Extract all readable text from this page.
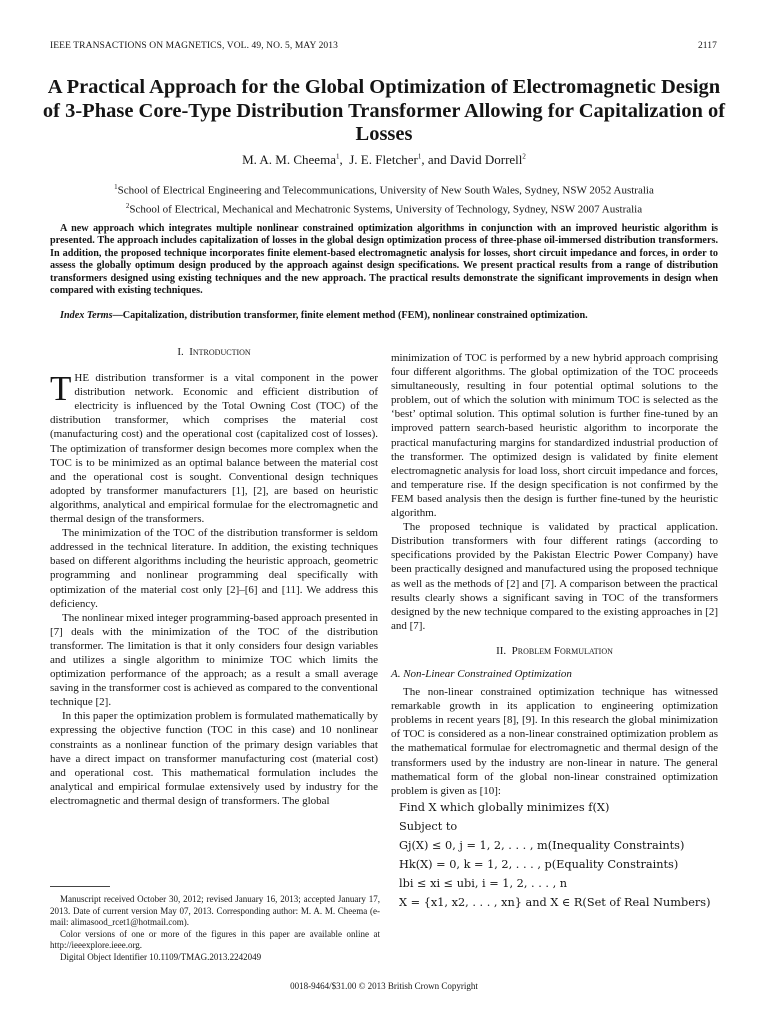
IEEE TRANSACTIONS ON MAGNETICS, VOL. 49, NO. 5, MAY 2013	2117
A Practical Approach for the Global Optimization of Electromagnetic Design of 3-Phase Core-Type Distribution Transformer Allowing for Capitalization of Losses
M. A. M. Cheema$^1$,  J. E. Fletcher$^1$, and David Dorrell$^2$
$^1$School of Electrical Engineering and Telecommunications, University of New South Wales, Sydney, NSW 2052 Australia
$^2$School of Electrical, Mechanical and Mechatronic Systems, University of Technology, Sydney, NSW 2007 Australia
A new approach which integrates multiple nonlinear constrained optimization algorithms in conjunction with an improved heuristic algorithm is presented. The approach includes capitalization of losses in the global design optimization process of three-phase oil-immersed distribution transformers. In addition, the proposed technique incorporates finite element-based electromagnetic analysis for losses, short circuit impedance and forces, in order to assess the globally optimum design produced by the approach against design specifications. We present practical results from a range of distribution transformers designed using existing techniques and the new approach. The practical results demonstrate the significant improvements in design when compared with existing techniques.
Index Terms—Capitalization, distribution transformer, finite element method (FEM), nonlinear constrained optimization.
I. Introduction

THE distribution transformer is a vital component in the power distribution network. Economic and efficient distribution of electricity is influenced by the Total Owning Cost (TOC) of the distribution transformer, which comprises the material cost (manufacturing cost) and the operational cost (capitalized cost of losses). The optimization of transformer design becomes more complex when the TOC is to be minimized as an optimal balance between the material cost and the operational cost is sought. Conventional design techniques adopted by transformer manufacturers [1], [2], are based on heuristic algorithms, analytical and empirical formulae for the electromagnetic and thermal design of the transformers.

The minimization of the TOC of the distribution transformer is seldom addressed in the technical literature. In addition, the existing techniques based on different algorithms including the heuristic approach, geometric programming and nonlinear programming deal specifically with optimization of the material cost only [2]–[6] and [11]. We address this deficiency.

The nonlinear mixed integer programming-based approach presented in [7] deals with the minimization of the TOC of the distribution transformer. The limitation is that it only considers four design variables and utilizes a single algorithm to minimize TOC which limits the optimization performance of the approach; as a result a small average saving in the transformer cost is achieved as compared to the conventional technique [2].

In this paper the optimization problem is formulated mathematically by expressing the objective function (TOC in this case) and 10 nonlinear constraints as a nonlinear function of the primary design variables that have a direct impact on transformer manufacturing cost (material cost) and operational cost. This mathematical formulation includes the analytical and empirical formulae extensively used by industry for the electromagnetic and thermal design of transformers. The global

minimization of TOC is performed by a new hybrid approach comprising four different algorithms. The global optimization of the TOC proceeds simultaneously, resulting in four potential optimal solutions to the problem, out of which the solution with minimum TOC is selected as the ‘best’ optimal solution. This optimal solution is further fine-tuned by an improved pattern search-based heuristic algorithm to incorporate the practical manufacturing margins for standardized industrial production of the transformer. The optimized design is validated by finite element electromagnetic analysis for load loss, short circuit impedance and forces, and temperature rise. If the design specification is not confirmed by the FEM based analysis then the design is further fine-tuned by the heuristic algorithm.

The proposed technique is validated by practical application. Distribution transformers with four different ratings (according to specifications provided by the Pakistan Electric Power Company) have been practically designed and manufactured using the proposed technique as well as the methods of [2] and [7]. A comparison between the practical results clearly shows a significant saving in TOC of the transformers designed by the new technique compared to the existing approaches in [2] and [7].

II. Problem Formulation
A. Non-Linear Constrained Optimization

The non-linear constrained optimization technique has witnessed remarkable growth in its application to engineering optimization problems in recent years [8], [9]. In this research the global minimization of TOC is considered as a non-linear constrained optimization problem as the mathematical formulae for electromagnetic and thermal design of the transformers used by the industry are non-linear in nature. The general mathematical form of the global non-linear constrained optimization problem is given as [10]:

Find X which globally minimizes f(X)
Subject to
Gj(X) ≤ 0, j = 1, 2, . . . , m(Inequality Constraints)
Hk(X) = 0, k = 1, 2, . . . , p(Equality Constraints)
lbi ≤ xi ≤ ubi, i = 1, 2, . . . , n
X = {x1, x2, . . . , xn} and X ∈ R(Set of Real Numbers)
Manuscript received October 30, 2012; revised January 16, 2013; accepted January 17, 2013. Date of current version May 07, 2013. Corresponding author: M. A. M. Cheema (e-mail: alimasood_rcet1@hotmail.com).
Color versions of one or more of the figures in this paper are available online at http://ieeexplore.ieee.org.
Digital Object Identifier 10.1109/TMAG.2013.2242049
0018-9464/$31.00 © 2013 British Crown Copyright
